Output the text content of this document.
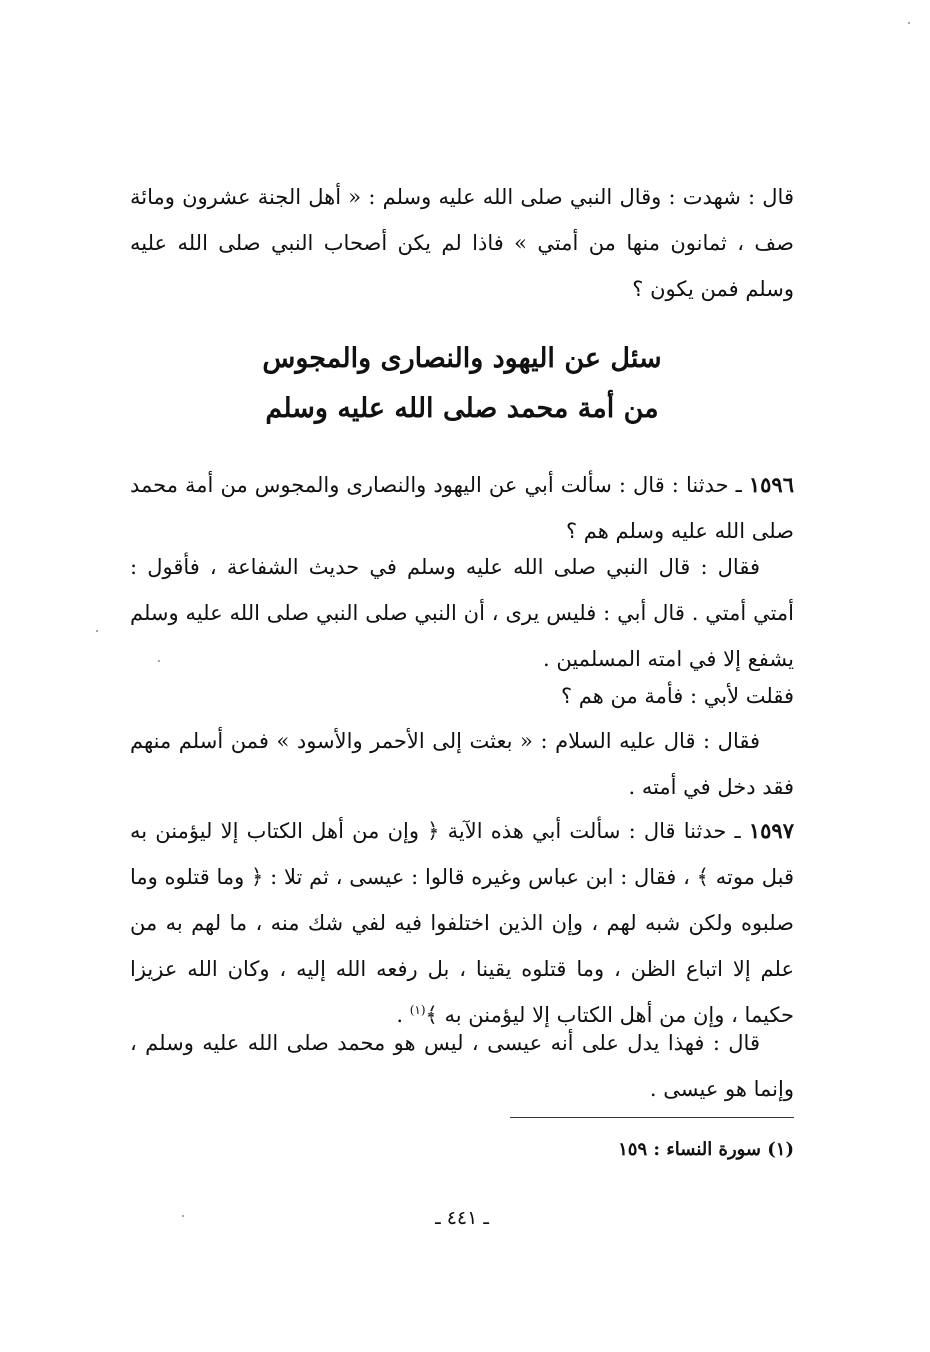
قال : شهدت : وقال النبي صلى الله عليه وسلم : « أهل الجنة عشرون ومائة صف ، ثمانون منها من أمتي » فاذا لم يكن أصحاب النبي صلى الله عليه وسلم فمن يكون ؟

سئل عن اليهود والنصارى والمجوس
من أمة محمد صلى الله عليه وسلم

١٥٩٦ ـ حدثنا : قال : سألت أبي عن اليهود والنصارى والمجوس من أمة محمد صلى الله عليه وسلم هم ؟

فقال : قال النبي صلى الله عليه وسلم في حديث الشفاعة ، فأقول : أمتي أمتي . قال أبي : فليس يرى ، أن النبي صلى النبي صلى الله عليه وسلم يشفع إلا في امته المسلمين .

فقلت لأبي : فأمة من هم ؟

فقال : قال عليه السلام : « بعثت إلى الأحمر والأسود » فمن أسلم منهم فقد دخل في أمته .

١٥٩٧ ـ حدثنا قال : سألت أبي هذه الآية ﴿ وإن من أهل الكتاب إلا ليؤمنن به قبل موته ﴾ ، فقال : ابن عباس وغيره قالوا : عيسى ، ثم تلا : ﴿ وما قتلوه وما صلبوه ولكن شبه لهم ، وإن الذين اختلفوا فيه لفي شك منه ، ما لهم به من علم إلا اتباع الظن ، وما قتلوه يقينا ، بل رفعه الله إليه ، وكان الله عزيزا حكيما ، وإن من أهل الكتاب إلا ليؤمنن به ﴾$^{(١)}$ .

قال : فهذا يدل على أنه عيسى ، ليس هو محمد صلى الله عليه وسلم ، وإنما هو عيسى .

(١) سورة النساء : ١٥٩
ـ ٤٤١ ـ
